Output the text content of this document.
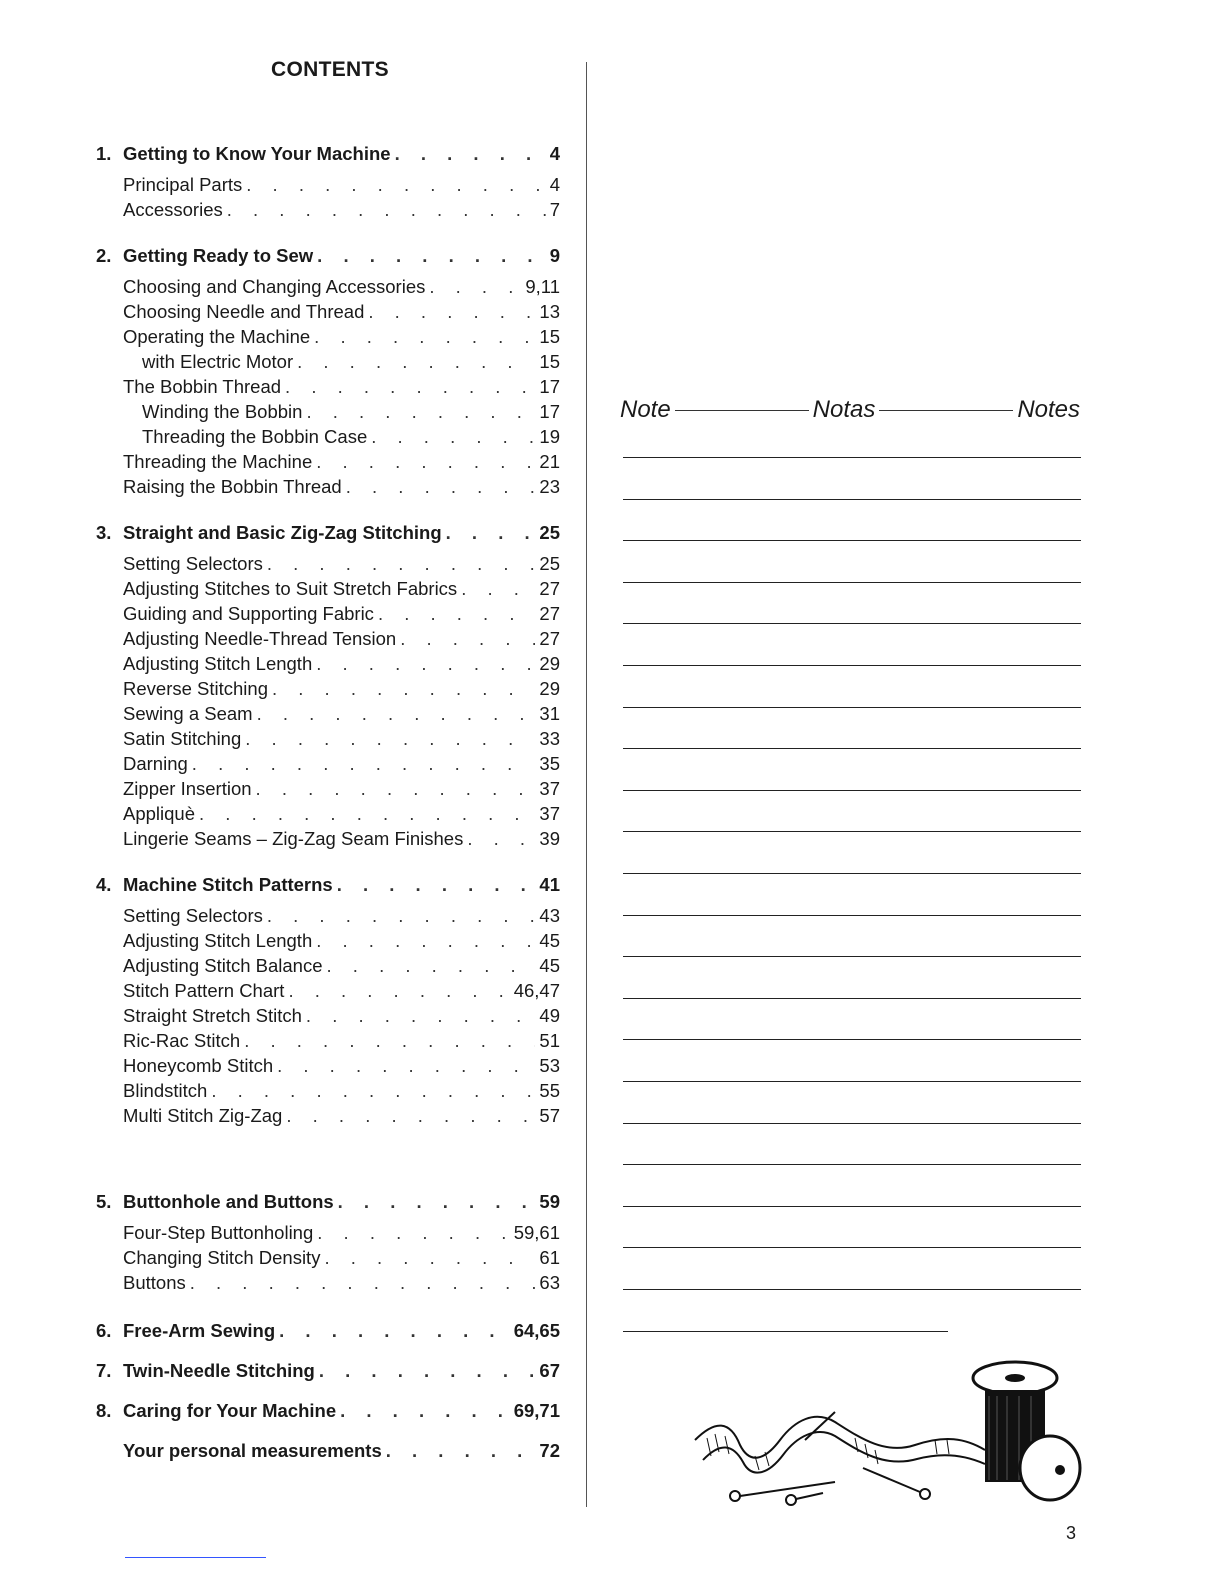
CONTENTS
1. Getting to Know Your Machine . . .	4
Principal Parts . . .	4
Accessories . . .	7
2. Getting Ready to Sew . . .	9
Choosing and Changing Accessories . . .	9,11
Choosing Needle and Thread . . .	13
Operating the Machine . . .	15
with Electric Motor . . .	15
The Bobbin Thread . . .	17
Winding the Bobbin . . .	17
Threading the Bobbin Case . . .	19
Threading the Machine . . .	21
Raising the Bobbin Thread . . .	23
3. Straight and Basic Zig-Zag Stitching . . .	25
Setting Selectors . . .	25
Adjusting Stitches to Suit Stretch Fabrics . . .	27
Guiding and Supporting Fabric . . .	27
Adjusting Needle-Thread Tension . . .	27
Adjusting Stitch Length . . .	29
Reverse Stitching . . .	29
Sewing a Seam . . .	31
Satin Stitching . . .	33
Darning . . .	35
Zipper Insertion . . .	37
Appliquè . . .	37
Lingerie Seams – Zig-Zag Seam Finishes . . .	39
4. Machine Stitch Patterns . . .	41
Setting Selectors . . .	43
Adjusting Stitch Length . . .	45
Adjusting Stitch Balance . . .	45
Stitch Pattern Chart . . .	46,47
Straight Stretch Stitch . . .	49
Ric-Rac Stitch . . .	51
Honeycomb Stitch . . .	53
Blindstitch . . .	55
Multi Stitch Zig-Zag . . .	57
5. Buttonhole and Buttons . . .	59
Four-Step Buttonholing . . .	59,61
Changing Stitch Density . . .	61
Buttons . . .	63
6. Free-Arm Sewing . . .	64,65
7. Twin-Needle Stitching . . .	67
8. Caring for Your Machine . . .	69,71
Your personal measurements . . .	72
Note	Notas	Notes
3
